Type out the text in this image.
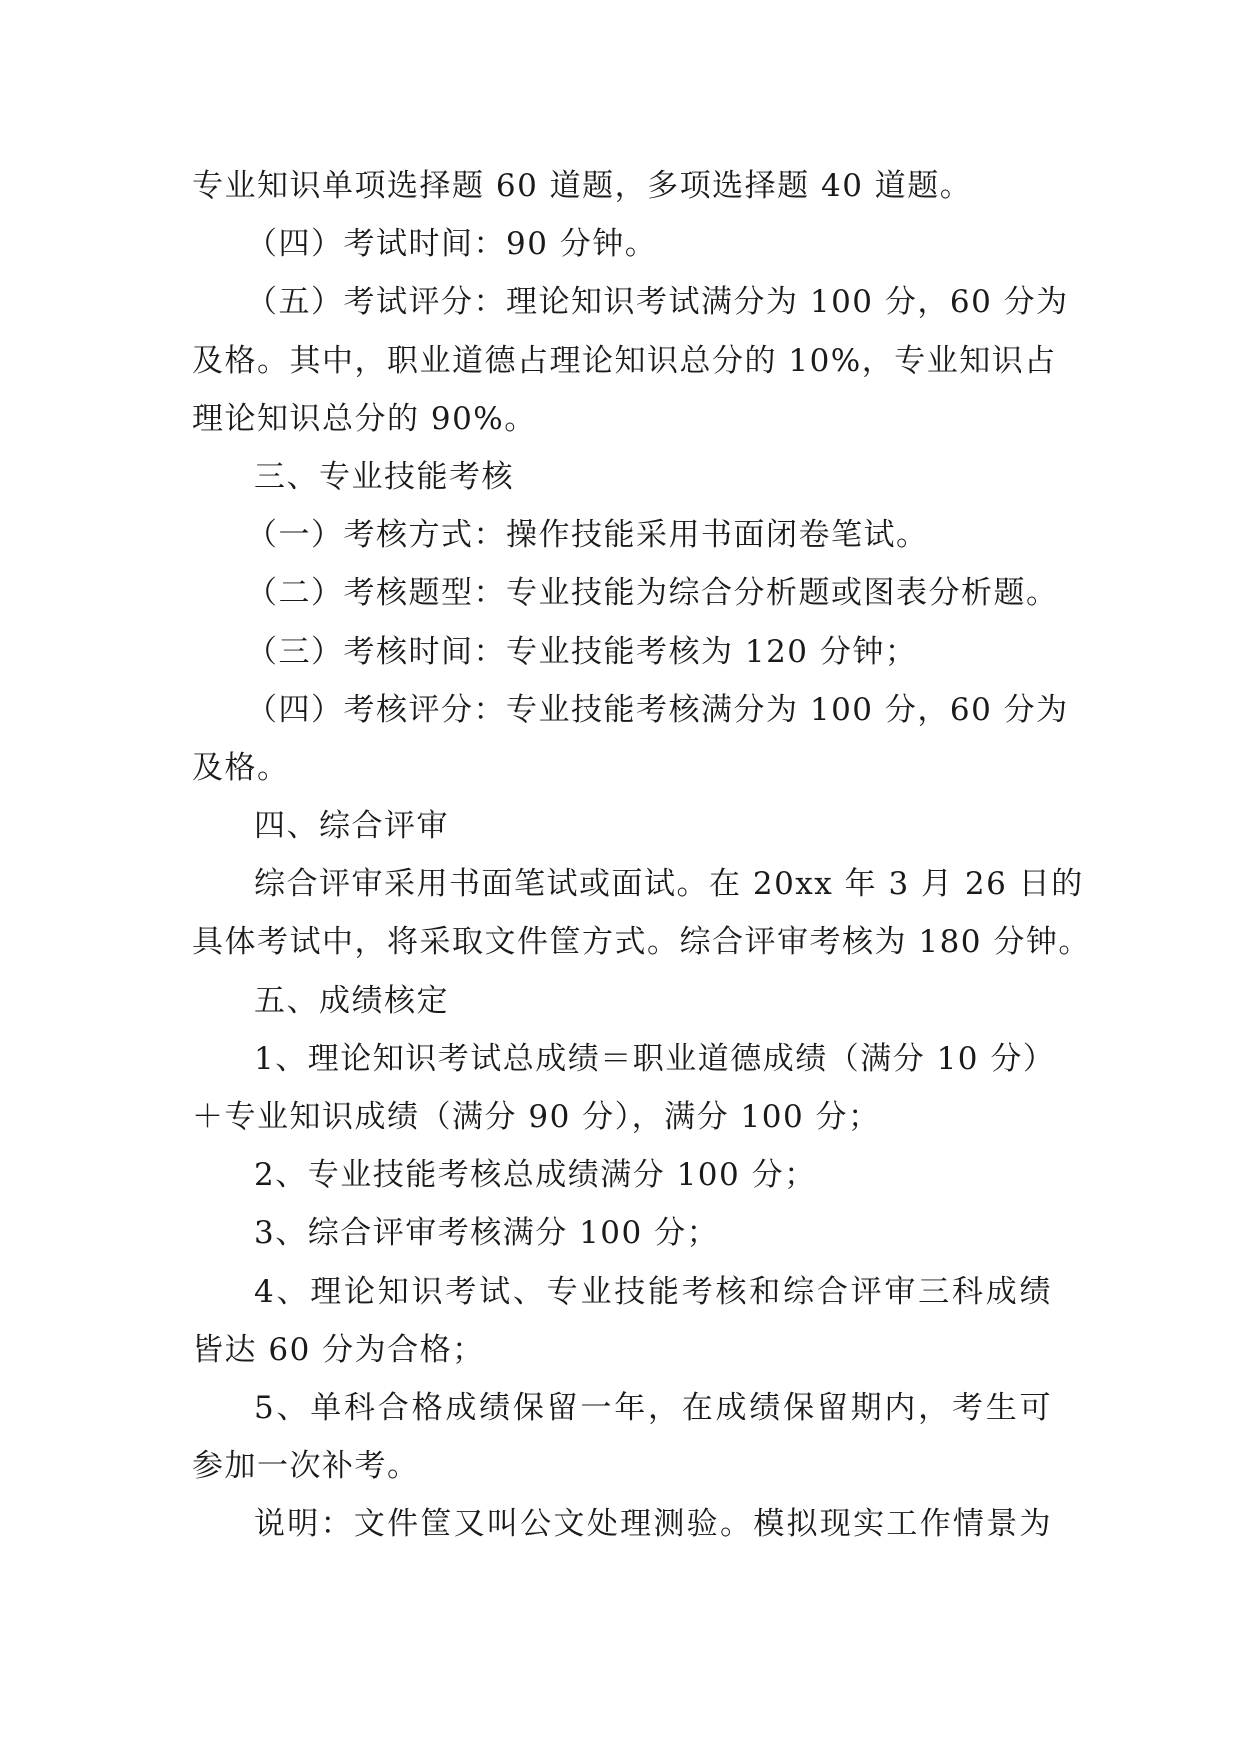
专业知识单项选择题 60 道题，多项选择题 40 道题。
（四）考试时间：90 分钟。
（五）考试评分：理论知识考试满分为 100 分，60 分为
及格。其中，职业道德占理论知识总分的 10%，专业知识占
理论知识总分的 90%。
三、专业技能考核
（一）考核方式：操作技能采用书面闭卷笔试。
（二）考核题型：专业技能为综合分析题或图表分析题。
（三）考核时间：专业技能考核为 120 分钟；
（四）考核评分：专业技能考核满分为 100 分，60 分为
及格。
四、综合评审
综合评审采用书面笔试或面试。在 20xx 年 3 月 26 日的
具体考试中，将采取文件筐方式。综合评审考核为 180 分钟。
五、成绩核定
1、理论知识考试总成绩＝职业道德成绩（满分 10 分）
＋专业知识成绩（满分 90 分），满分 100 分；
2、专业技能考核总成绩满分 100 分；
3、综合评审考核满分 100 分；
4、理论知识考试、专业技能考核和综合评审三科成绩
皆达 60 分为合格；
5、单科合格成绩保留一年，在成绩保留期内，考生可
参加一次补考。
说明：文件筐又叫公文处理测验。模拟现实工作情景为
